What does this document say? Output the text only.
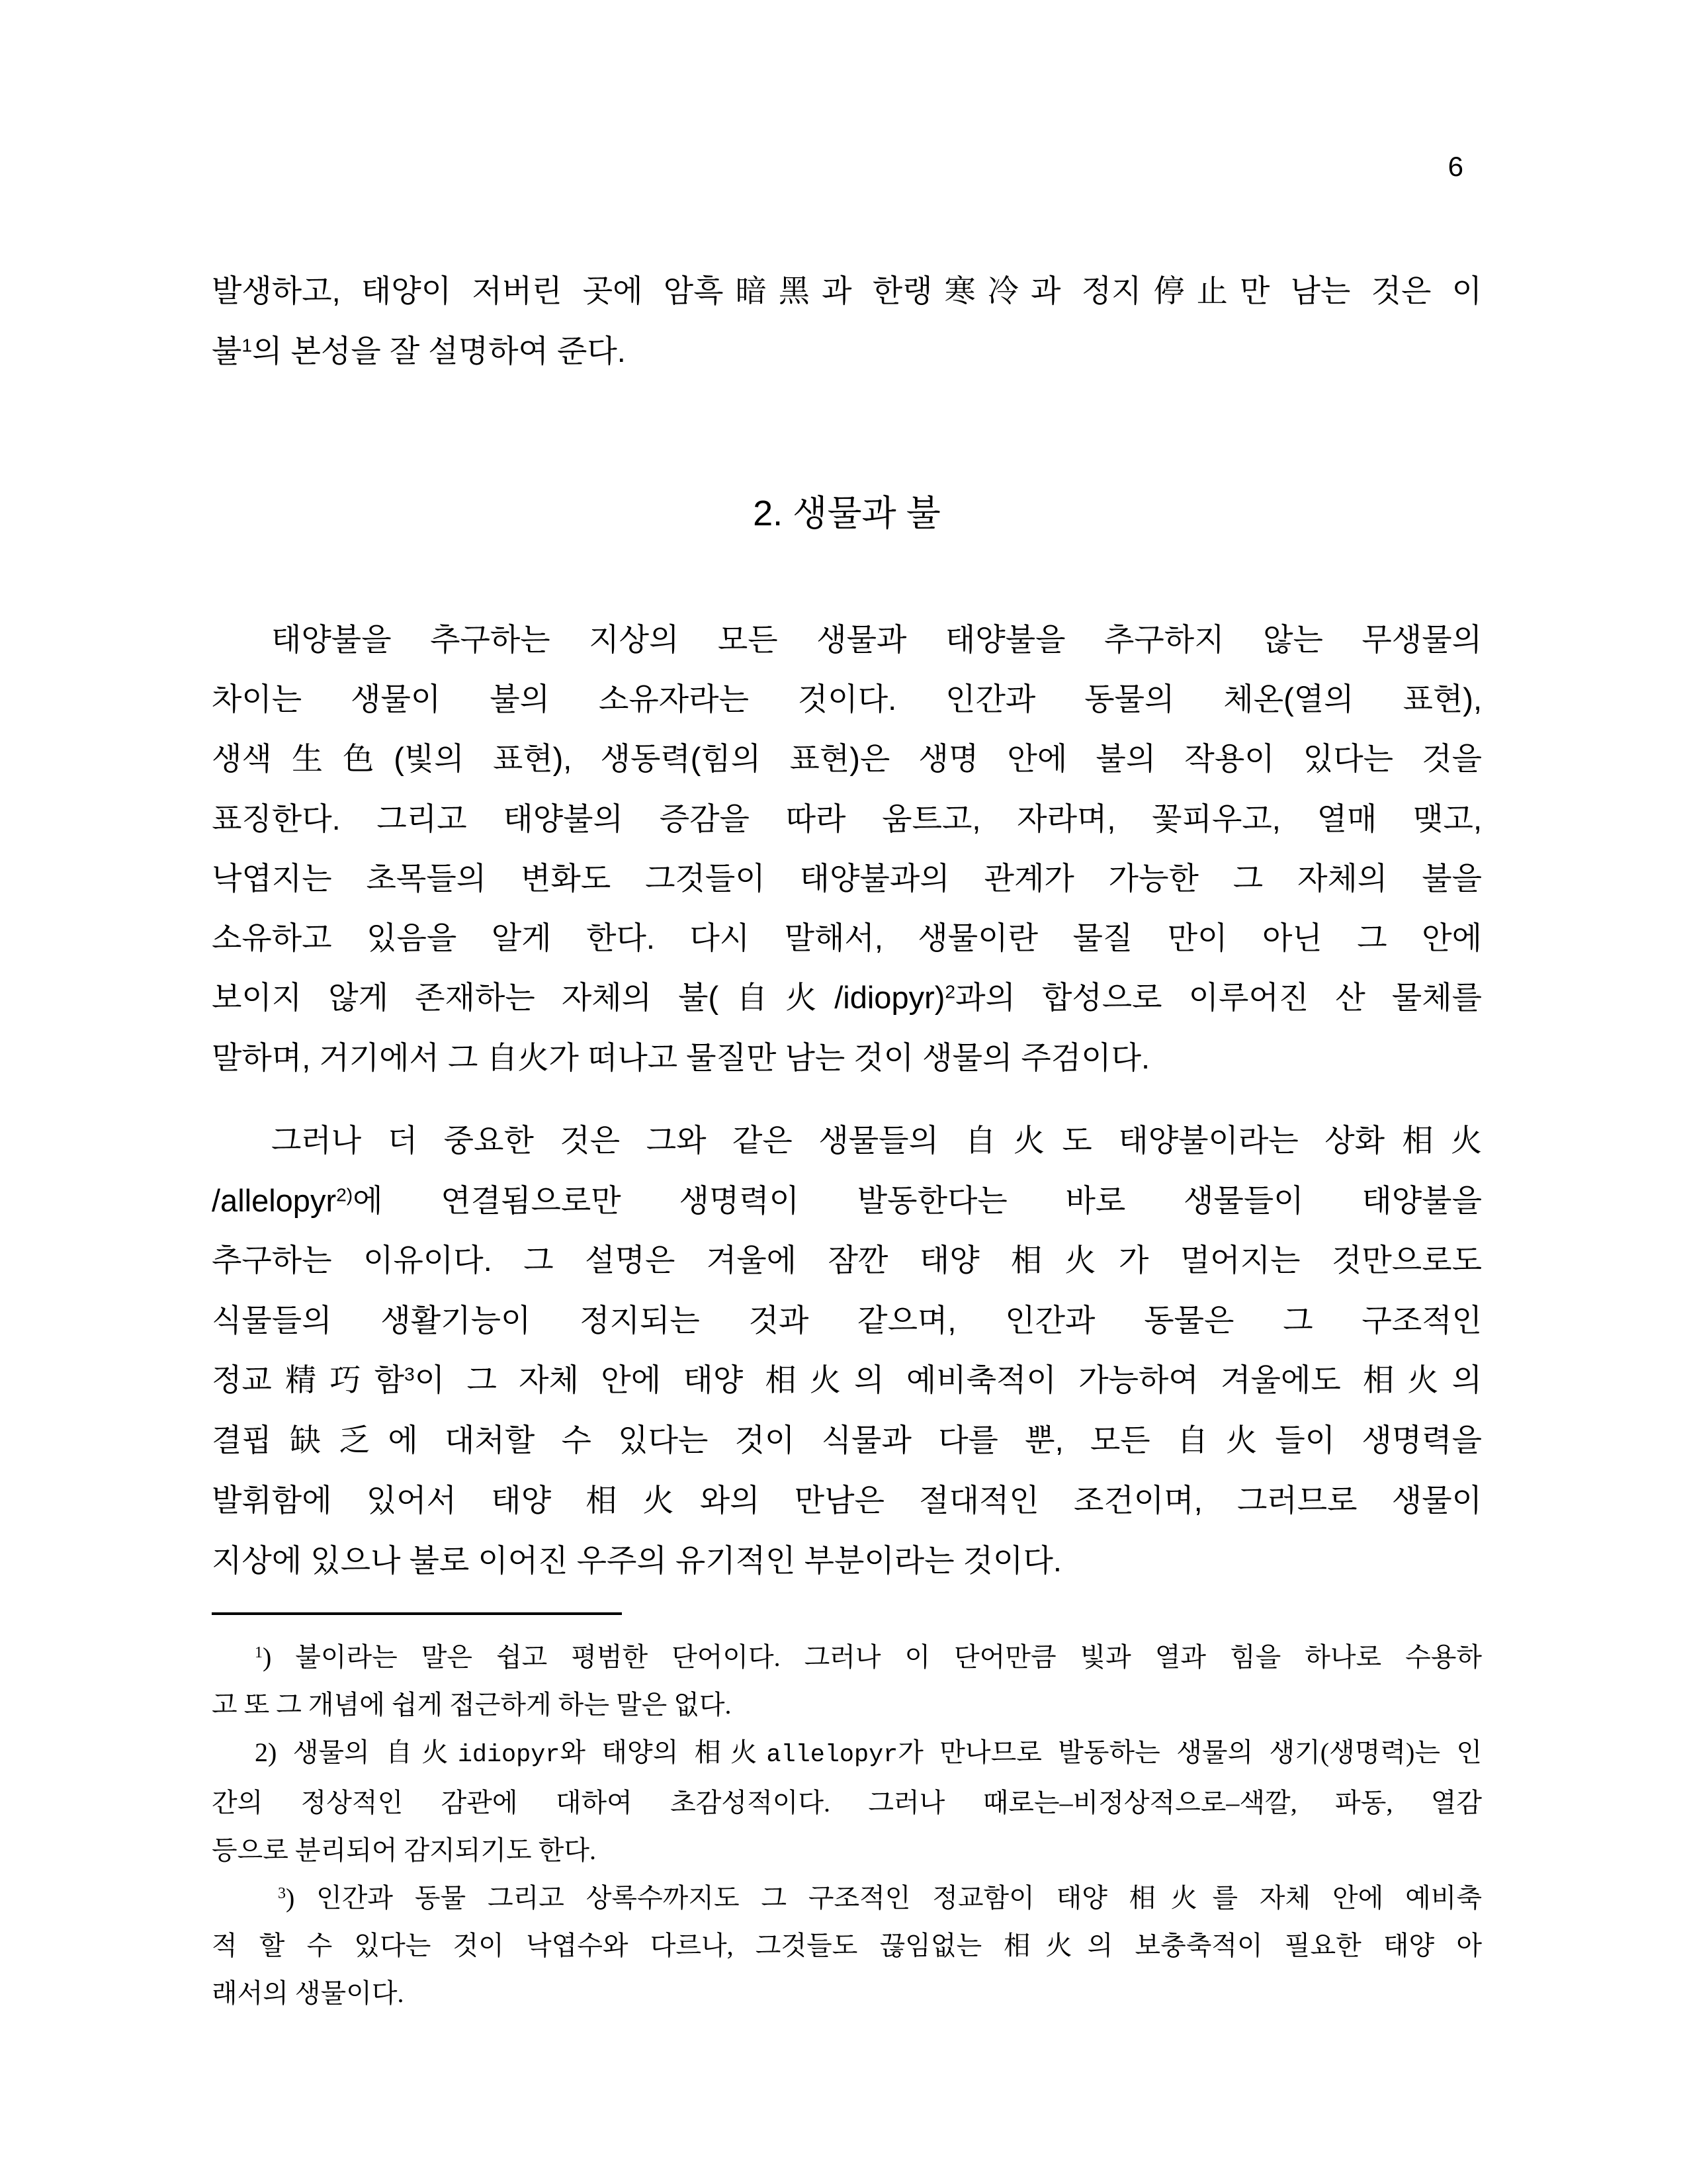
6
발생하고, 태양이 저버린 곳에 암흑暗黑과 한랭寒冷과 정지停止만 남는 것은 이
불$^1$의 본성을 잘 설명하여 준다.
2. 생물과 불
태양불을 추구하는 지상의 모든 생물과 태양불을 추구하지 않는 무생물의
차이는 생물이 불의 소유자라는 것이다. 인간과 동물의 체온(열의 표현),
생색生色(빛의 표현), 생동력(힘의 표현)은 생명 안에 불의 작용이 있다는 것을
표징한다. 그리고 태양불의 증감을 따라 움트고, 자라며, 꽃피우고, 열매 맺고,
낙엽지는 초목들의 변화도 그것들이 태양불과의 관계가 가능한 그 자체의 불을
소유하고 있음을 알게 한다. 다시 말해서, 생물이란 물질 만이 아닌 그 안에
보이지 않게 존재하는 자체의 불(自火/idiopyr)$^2$과의 합성으로 이루어진 산 물체를
말하며, 거기에서 그 自火가 떠나고 물질만 남는 것이 생물의 주검이다.
그러나 더 중요한 것은 그와 같은 생물들의 自火도 태양불이라는 상화相火
/allelopyr$^{2)}$에 연결됨으로만 생명력이 발동한다는 바로 생물들이 태양불을
추구하는 이유이다. 그 설명은 겨울에 잠깐 태양 相火가 멀어지는 것만으로도
식물들의 생활기능이 정지되는 것과 같으며, 인간과 동물은 그 구조적인
정교精巧함$^3$이 그 자체 안에 태양 相火의 예비축적이 가능하여 겨울에도 相火의
결핍缺乏에 대처할 수 있다는 것이 식물과 다를 뿐, 모든 自火들이 생명력을
발휘함에 있어서 태양 相火와의 만남은 절대적인 조건이며, 그러므로 생물이
지상에 있으나 불로 이어진 우주의 유기적인 부분이라는 것이다.
$^1$) 불이라는 말은 쉽고 평범한 단어이다. 그러나 이 단어만큼 빛과 열과 힘을 하나로 수용하
고 또 그 개념에 쉽게 접근하게 하는 말은 없다.
2) 생물의 自火idiopyr와 태양의 相火allelopyr가 만나므로 발동하는 생물의 생기(생명력)는 인
간의 정상적인 감관에 대하여 초감성적이다. 그러나 때로는–비정상적으로–색깔, 파동, 열감
등으로 분리되어 감지되기도 한다.
$^3$) 인간과 동물 그리고 상록수까지도 그 구조적인 정교함이 태양 相火를 자체 안에 예비축
적 할 수 있다는 것이 낙엽수와 다르나, 그것들도 끊임없는 相火의 보충축적이 필요한 태양 아
래서의 생물이다.
